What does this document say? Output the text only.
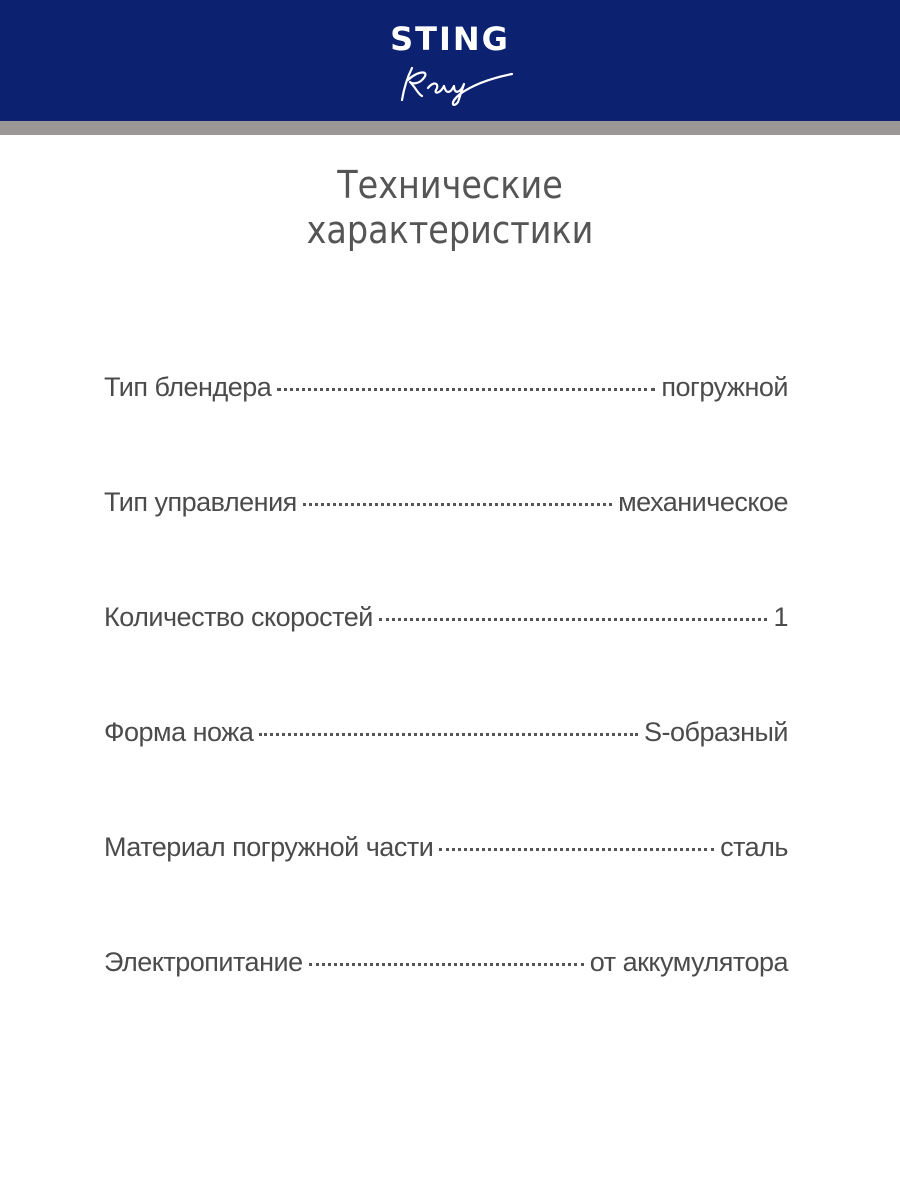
STING
Технические
характеристики
Тип блендера	погружной
Тип управления	механическое
Количество скоростей	1
Форма ножа	S-образный
Материал погружной части	сталь
Электропитание	от аккумулятора
